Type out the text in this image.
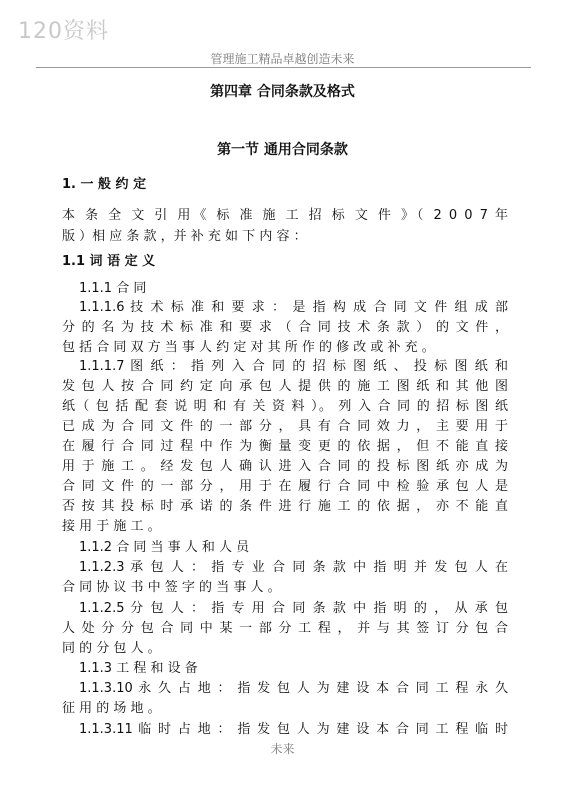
120资料
管理施工精品卓越创造未来
第四章 合同条款及格式
第一节 通用合同条款
1. 一 般 约 定
本 条 全 文 引 用《 标 准 施 工 招 标 文 件 》（ 2 0 0 7 年
版 ）相 应 条 款 ，并 补 充 如 下 内 容 ：
1.1 词 语 定 义
1.1.1 合 同
1.1.1.6 技 术 标 准 和 要 求 ： 是 指 构 成 合 同 文 件 组 成 部
分 的 名 为 技 术 标 准 和 要 求 （ 合 同 技 术 条 款 ） 的 文 件 ，
包 括 合 同 双 方 当 事 人 约 定 对 其 所 作 的 修 改 或 补 充 。
1.1.1.7 图 纸 ： 指 列 入 合 同 的 招 标 图 纸 、 投 标 图 纸 和
发 包 人 按 合 同 约 定 向 承 包 人 提 供 的 施 工 图 纸 和 其 他 图
纸（ 包 括 配 套 说 明 和 有 关 资 料 ）。 列 入 合 同 的 招 标 图 纸
已 成 为 合 同 文 件 的 一 部 分 ， 具 有 合 同 效 力 ， 主 要 用 于
在 履 行 合 同 过 程 中 作 为 衡 量 变 更 的 依 据 ， 但 不 能 直 接
用 于 施 工 。 经 发 包 人 确 认 进 入 合 同 的 投 标 图 纸 亦 成 为
合 同 文 件 的 一 部 分 ， 用 于 在 履 行 合 同 中 检 验 承 包 人 是
否 按 其 投 标 时 承 诺 的 条 件 进 行 施 工 的 依 据 ， 亦 不 能 直
接 用 于 施 工 。
1.1.2 合 同 当 事 人 和 人 员
1.1.2.3 承 包 人 ： 指 专 业 合 同 条 款 中 指 明 并 发 包 人 在
合 同 协 议 书 中 签 字 的 当 事 人 。
1.1.2.5 分 包 人 ： 指 专 用 合 同 条 款 中 指 明 的 ， 从 承 包
人 处 分 分 包 合 同 中 某 一 部 分 工 程 ， 并 与 其 签 订 分 包 合
同 的 分 包 人 。
1.1.3 工 程 和 设 备
1.1.3.10 永 久 占 地 ： 指 发 包 人 为 建 设 本 合 同 工 程 永 久
征 用 的 场 地 。
1.1.3.11 临 时 占 地 ： 指 发 包 人 为 建 设 本 合 同 工 程 临 时
未来
